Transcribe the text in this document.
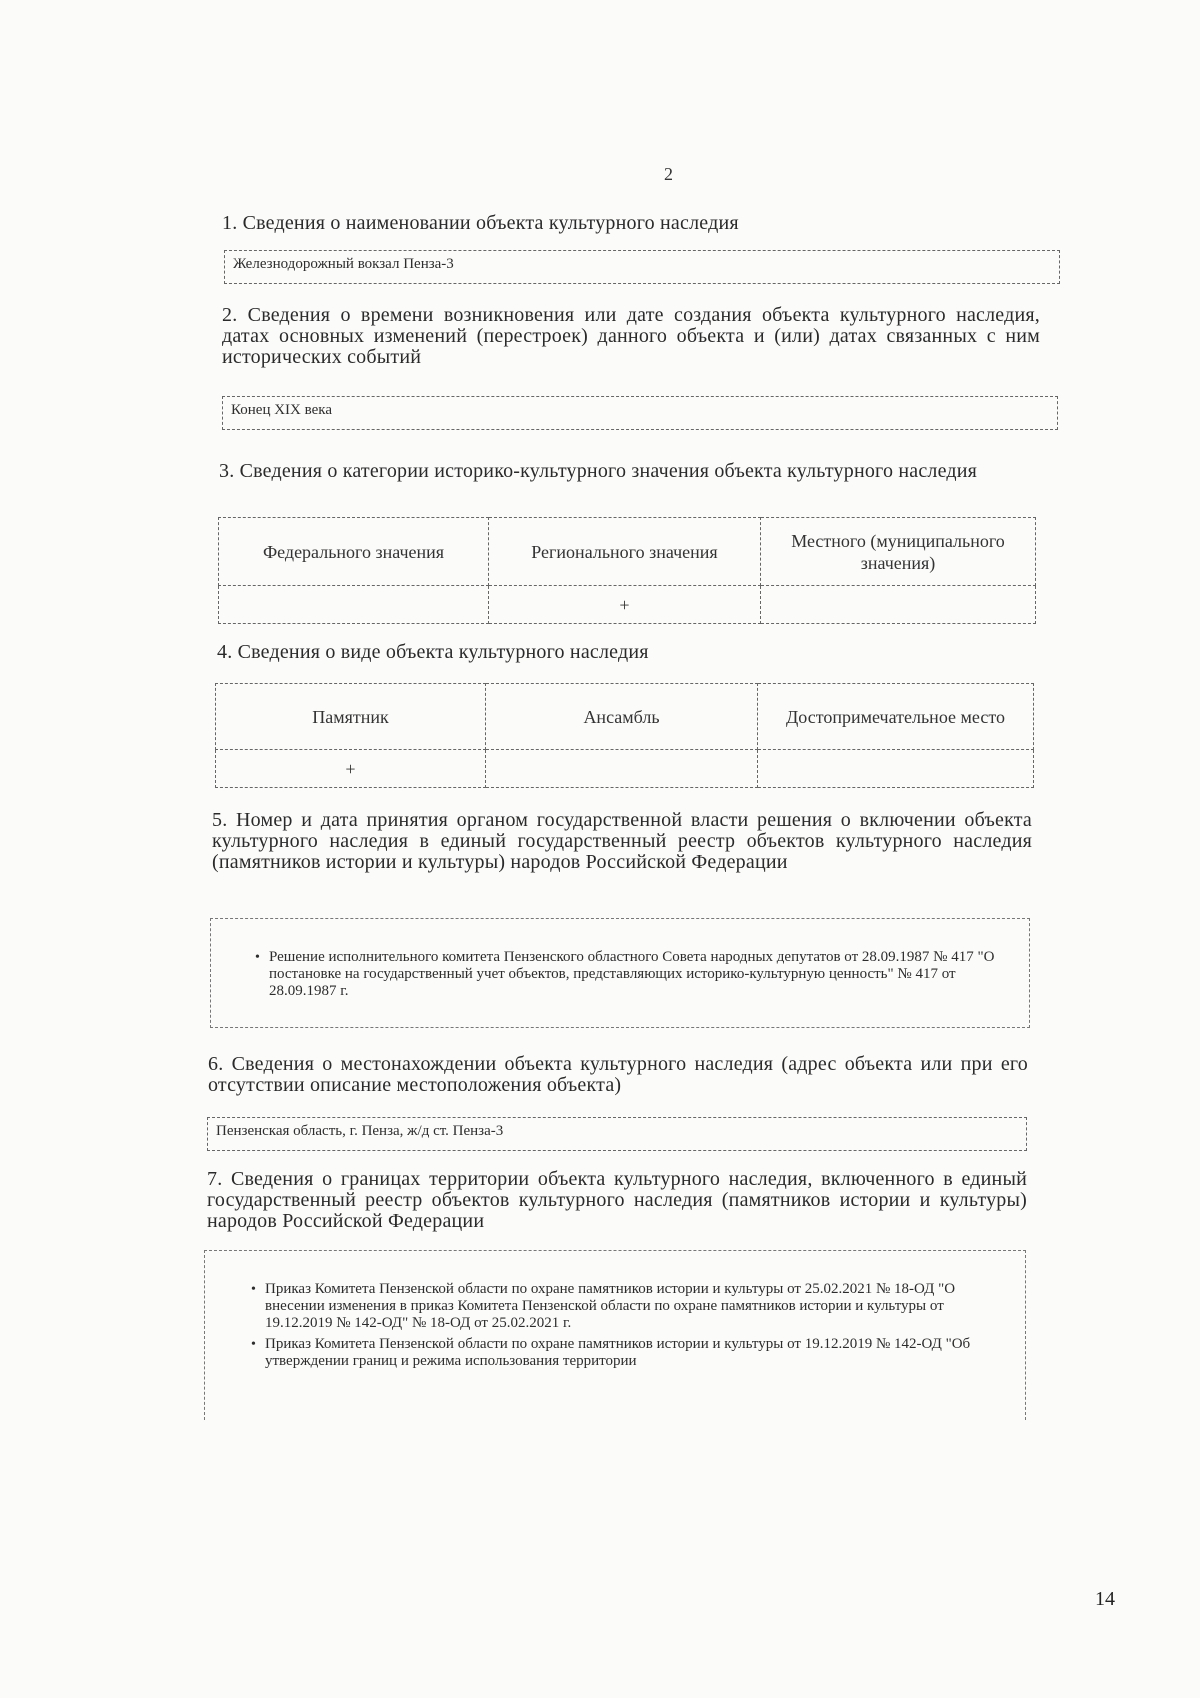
2
1. Сведения о наименовании объекта культурного наследия
Железнодорожный вокзал Пенза-3
2. Сведения о времени возникновения или дате создания объекта культурного наследия, датах основных изменений (перестроек) данного объекта и (или) датах связанных с ним исторических событий
Конец XIX века
3. Сведения о категории историко-культурного значения объекта культурного наследия
Федерального значения	Регионального значения	Местного (муниципального значения)
	+	
4. Сведения о виде объекта культурного наследия
Памятник	Ансамбль	Достопримечательное место
+		
5. Номер и дата принятия органом государственной власти решения о включении объекта культурного наследия в единый государственный реестр объектов культурного наследия (памятников истории и культуры) народов Российской Федерации
• Решение исполнительного комитета Пензенского областного Совета народных депутатов от 28.09.1987 № 417 "О постановке на государственный учет объектов, представляющих историко-культурную ценность" № 417 от 28.09.1987 г.
6. Сведения о местонахождении объекта культурного наследия (адрес объекта или при его отсутствии описание местоположения объекта)
Пензенская область, г. Пенза, ж/д ст. Пенза-3
7. Сведения о границах территории объекта культурного наследия, включенного в единый государственный реестр объектов культурного наследия (памятников истории и культуры) народов Российской Федерации
• Приказ Комитета Пензенской области по охране памятников истории и культуры от 25.02.2021 № 18-ОД "О внесении изменения в приказ Комитета Пензенской области по охране памятников истории и культуры от 19.12.2019 № 142-ОД" № 18-ОД от 25.02.2021 г.
• Приказ Комитета Пензенской области по охране памятников истории и культуры от 19.12.2019 № 142-ОД "Об утверждении границ и режима использования территории
14
